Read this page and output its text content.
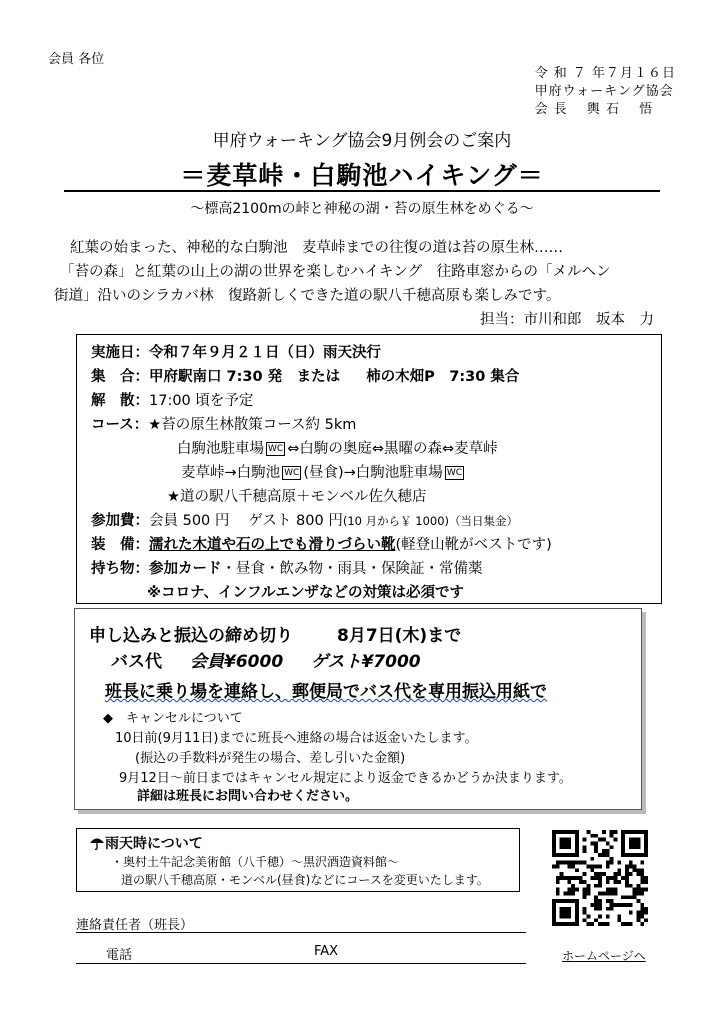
会員 各位
令 和 ７ 年７月１６日
甲府ウォーキング協会
会 長　 輿 石　 悟
甲府ウォーキング協会9月例会のご案内
＝麦草峠・白駒池ハイキング＝
～標高2100mの峠と神秘の湖・苔の原生林をめぐる～

紅葉の始まった、神秘的な白駒池　麦草峠までの往復の道は苔の原生林……

「苔の森」と紅葉の山上の湖の世界を楽しむハイキング　往路車窓からの「メルヘン

街道」沿いのシラカバ林　復路新しくできた道の駅八千穂高原も楽しみです。

担当：市川和郎　坂本　力
実施日：令和７年９月２１日（日）雨天決行
集　合：甲府駅南口 7:30 発　または 柿の木畑P　7:30 集合
解　散：17:00 頃を予定
コース：★苔の原生林散策コース約 5km
白駒池駐車場 WC ⇔白駒の奥庭⇔黒曜の森⇔麦草峠
麦草峠→白駒池 WC (昼食)→白駒池駐車場 WC
★道の駅八千穂高原＋モンベル佐久穂店
参加費：会員 500 円　 ゲスト 800 円(10 月から￥ 1000)（当日集金）
装　備：濡れた木道や石の上でも滑りづらい靴(軽登山靴がベストです)
持ち物：参加カード・昼食・飲み物・雨具・保険証・常備薬
※コロナ、インフルエンザなどの対策は必須です
申し込みと振込の締め切り	8月7日(木)まで
バス代 会員¥6000 ゲスト¥7000
班長に乗り場を連絡し、郵便局でバス代を専用振込用紙で
◆　キャンセルについて
10日前(9月11日)までに班長へ連絡の場合は返金いたします。
(振込の手数料が発生の場合、差し引いた金額)
9月12日～前日まではキャンセル規定により返金できるかどうか決まります。
詳細は班長にお問い合わせください。
雨天時について
・奥村土牛記念美術館（八千穂）～黒沢酒造資料館～
道の駅八千穂高原・モンベル(昼食)などにコースを変更いたします。
連絡責任者（班長）
電話	FAX	ホームページへ
